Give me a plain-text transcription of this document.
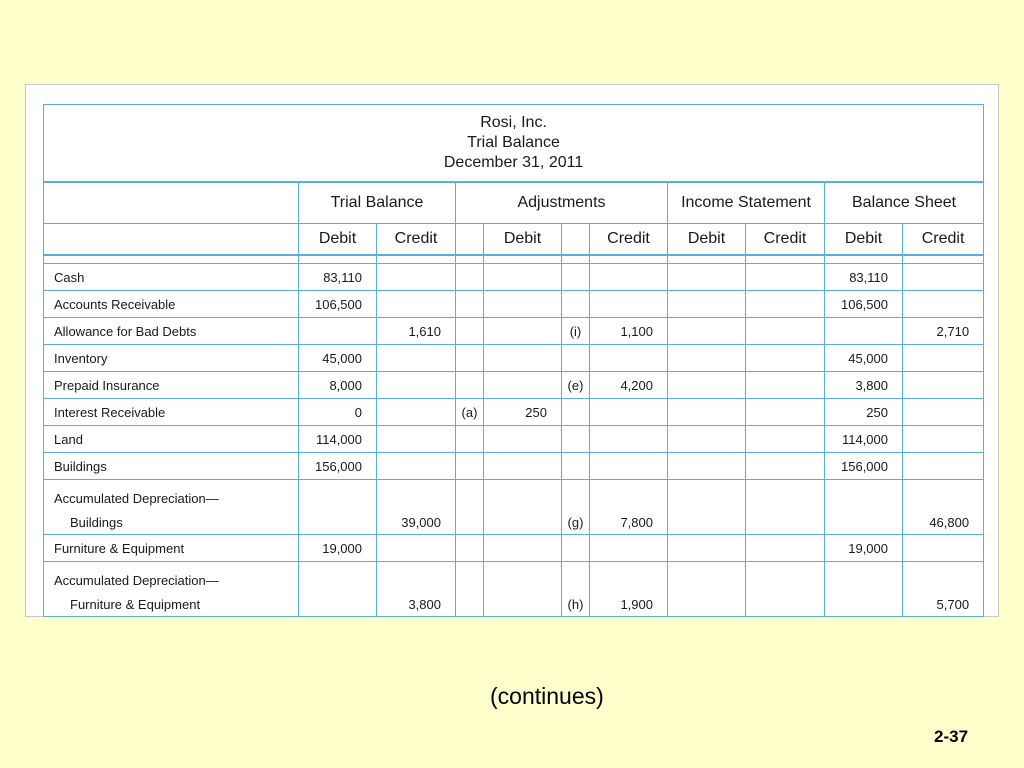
Rosi, Inc.
Trial Balance
December 31, 2011										

	Trial Balance		Adjustments				Income Statement		Balance Sheet	
	Debit	Credit		Debit		Credit	Debit	Credit	Debit	Credit

Cash	83,110								83,110	
Accounts Receivable	106,500								106,500	
Allowance for Bad Debts		1,610			(i)	1,100				2,710
Inventory	45,000								45,000	
Prepaid Insurance	8,000				(e)	4,200			3,800	
Interest Receivable	0		(a)	250					250	
Land	114,000								114,000	
Buildings	156,000								156,000	

Accumulated Depreciation—
Buildings		39,000			(g)	7,800				46,800
Furniture & Equipment	19,000								19,000	

Accumulated Depreciation—
Furniture & Equipment		3,800			(h)	1,900				5,700
(continues)
2-37
